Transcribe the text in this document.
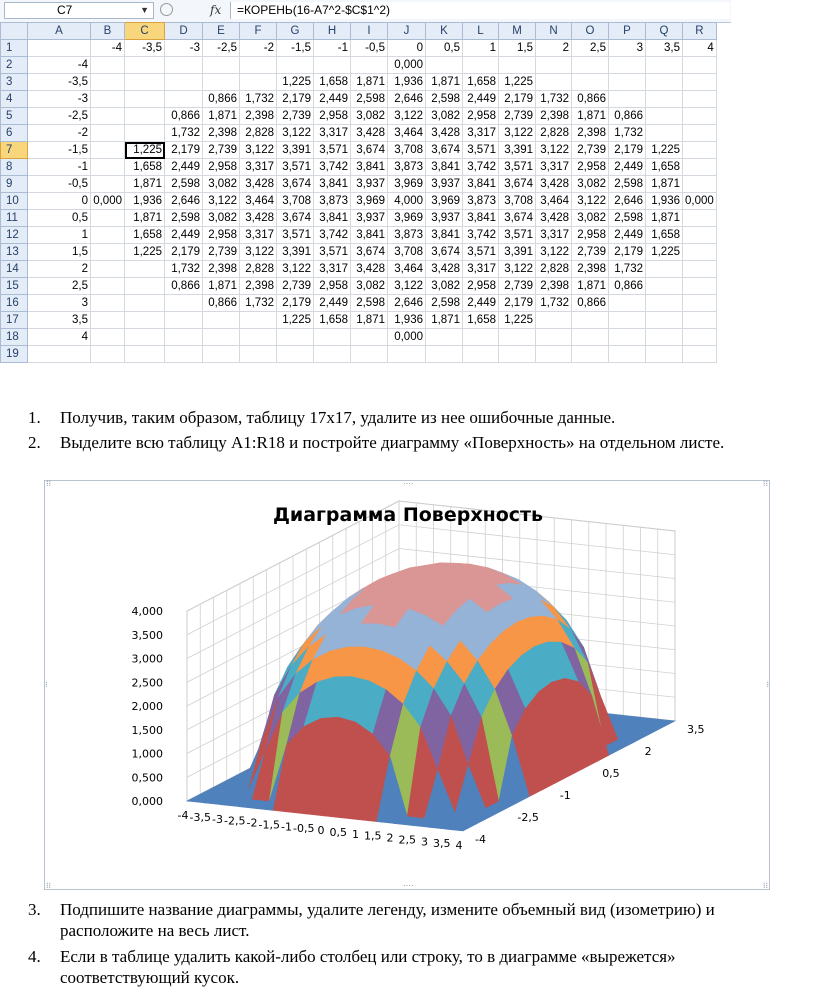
C7	▼	fx	=КОРЕНЬ(16-A7^2-$C$1^2)
	A	B	C	D	E	F	G	H	I	J	K	L	M	N	O	P	Q	R
1		-4	-3,5	-3	-2,5	-2	-1,5	-1	-0,5	0	0,5	1	1,5	2	2,5	3	3,5	4
2	-4									0,000								
3	-3,5						1,225	1,658	1,871	1,936	1,871	1,658	1,225					
4	-3				0,866	1,732	2,179	2,449	2,598	2,646	2,598	2,449	2,179	1,732	0,866			
5	-2,5			0,866	1,871	2,398	2,739	2,958	3,082	3,122	3,082	2,958	2,739	2,398	1,871	0,866		
6	-2			1,732	2,398	2,828	3,122	3,317	3,428	3,464	3,428	3,317	3,122	2,828	2,398	1,732		
7	-1,5		1,225	2,179	2,739	3,122	3,391	3,571	3,674	3,708	3,674	3,571	3,391	3,122	2,739	2,179	1,225	
8	-1		1,658	2,449	2,958	3,317	3,571	3,742	3,841	3,873	3,841	3,742	3,571	3,317	2,958	2,449	1,658	
9	-0,5		1,871	2,598	3,082	3,428	3,674	3,841	3,937	3,969	3,937	3,841	3,674	3,428	3,082	2,598	1,871	
10	0	0,000	1,936	2,646	3,122	3,464	3,708	3,873	3,969	4,000	3,969	3,873	3,708	3,464	3,122	2,646	1,936	0,000
11	0,5		1,871	2,598	3,082	3,428	3,674	3,841	3,937	3,969	3,937	3,841	3,674	3,428	3,082	2,598	1,871	
12	1		1,658	2,449	2,958	3,317	3,571	3,742	3,841	3,873	3,841	3,742	3,571	3,317	2,958	2,449	1,658	
13	1,5		1,225	2,179	2,739	3,122	3,391	3,571	3,674	3,708	3,674	3,571	3,391	3,122	2,739	2,179	1,225	
14	2			1,732	2,398	2,828	3,122	3,317	3,428	3,464	3,428	3,317	3,122	2,828	2,398	1,732		
15	2,5			0,866	1,871	2,398	2,739	2,958	3,082	3,122	3,082	2,958	2,739	2,398	1,871	0,866		
16	3				0,866	1,732	2,179	2,449	2,598	2,646	2,598	2,449	2,179	1,732	0,866			
17	3,5						1,225	1,658	1,871	1,936	1,871	1,658	1,225					
18	4									0,000								
19																		
1. Получив, таким образом, таблицу 17x17, удалите из нее ошибочные данные.
2. Выделите всю таблицу A1:R18 и постройте диаграмму «Поверхность» на отдельном листе.
0,000
0,500
1,000
1,500
2,000
2,500
3,000
3,500
4,000
-4 -3,5 -3 -2,5 -2 -1,5 -1 -0,5 0 0,5 1 1,5 2 2,5 3 3,5 4 -4
-2,5
-1
0,5
2
3,5
Диаграмма Поверхность
⁝⁝	····	⁝⁝
⁝	⁝
⁝⁝	····	⁝⁝
3. Подпишите название диаграммы, удалите легенду, измените объемный вид (изометрию) и расположите на весь лист.
4. Если в таблице удалить какой-либо столбец или строку, то в диаграмме «вырежется» соответствующий кусок.
